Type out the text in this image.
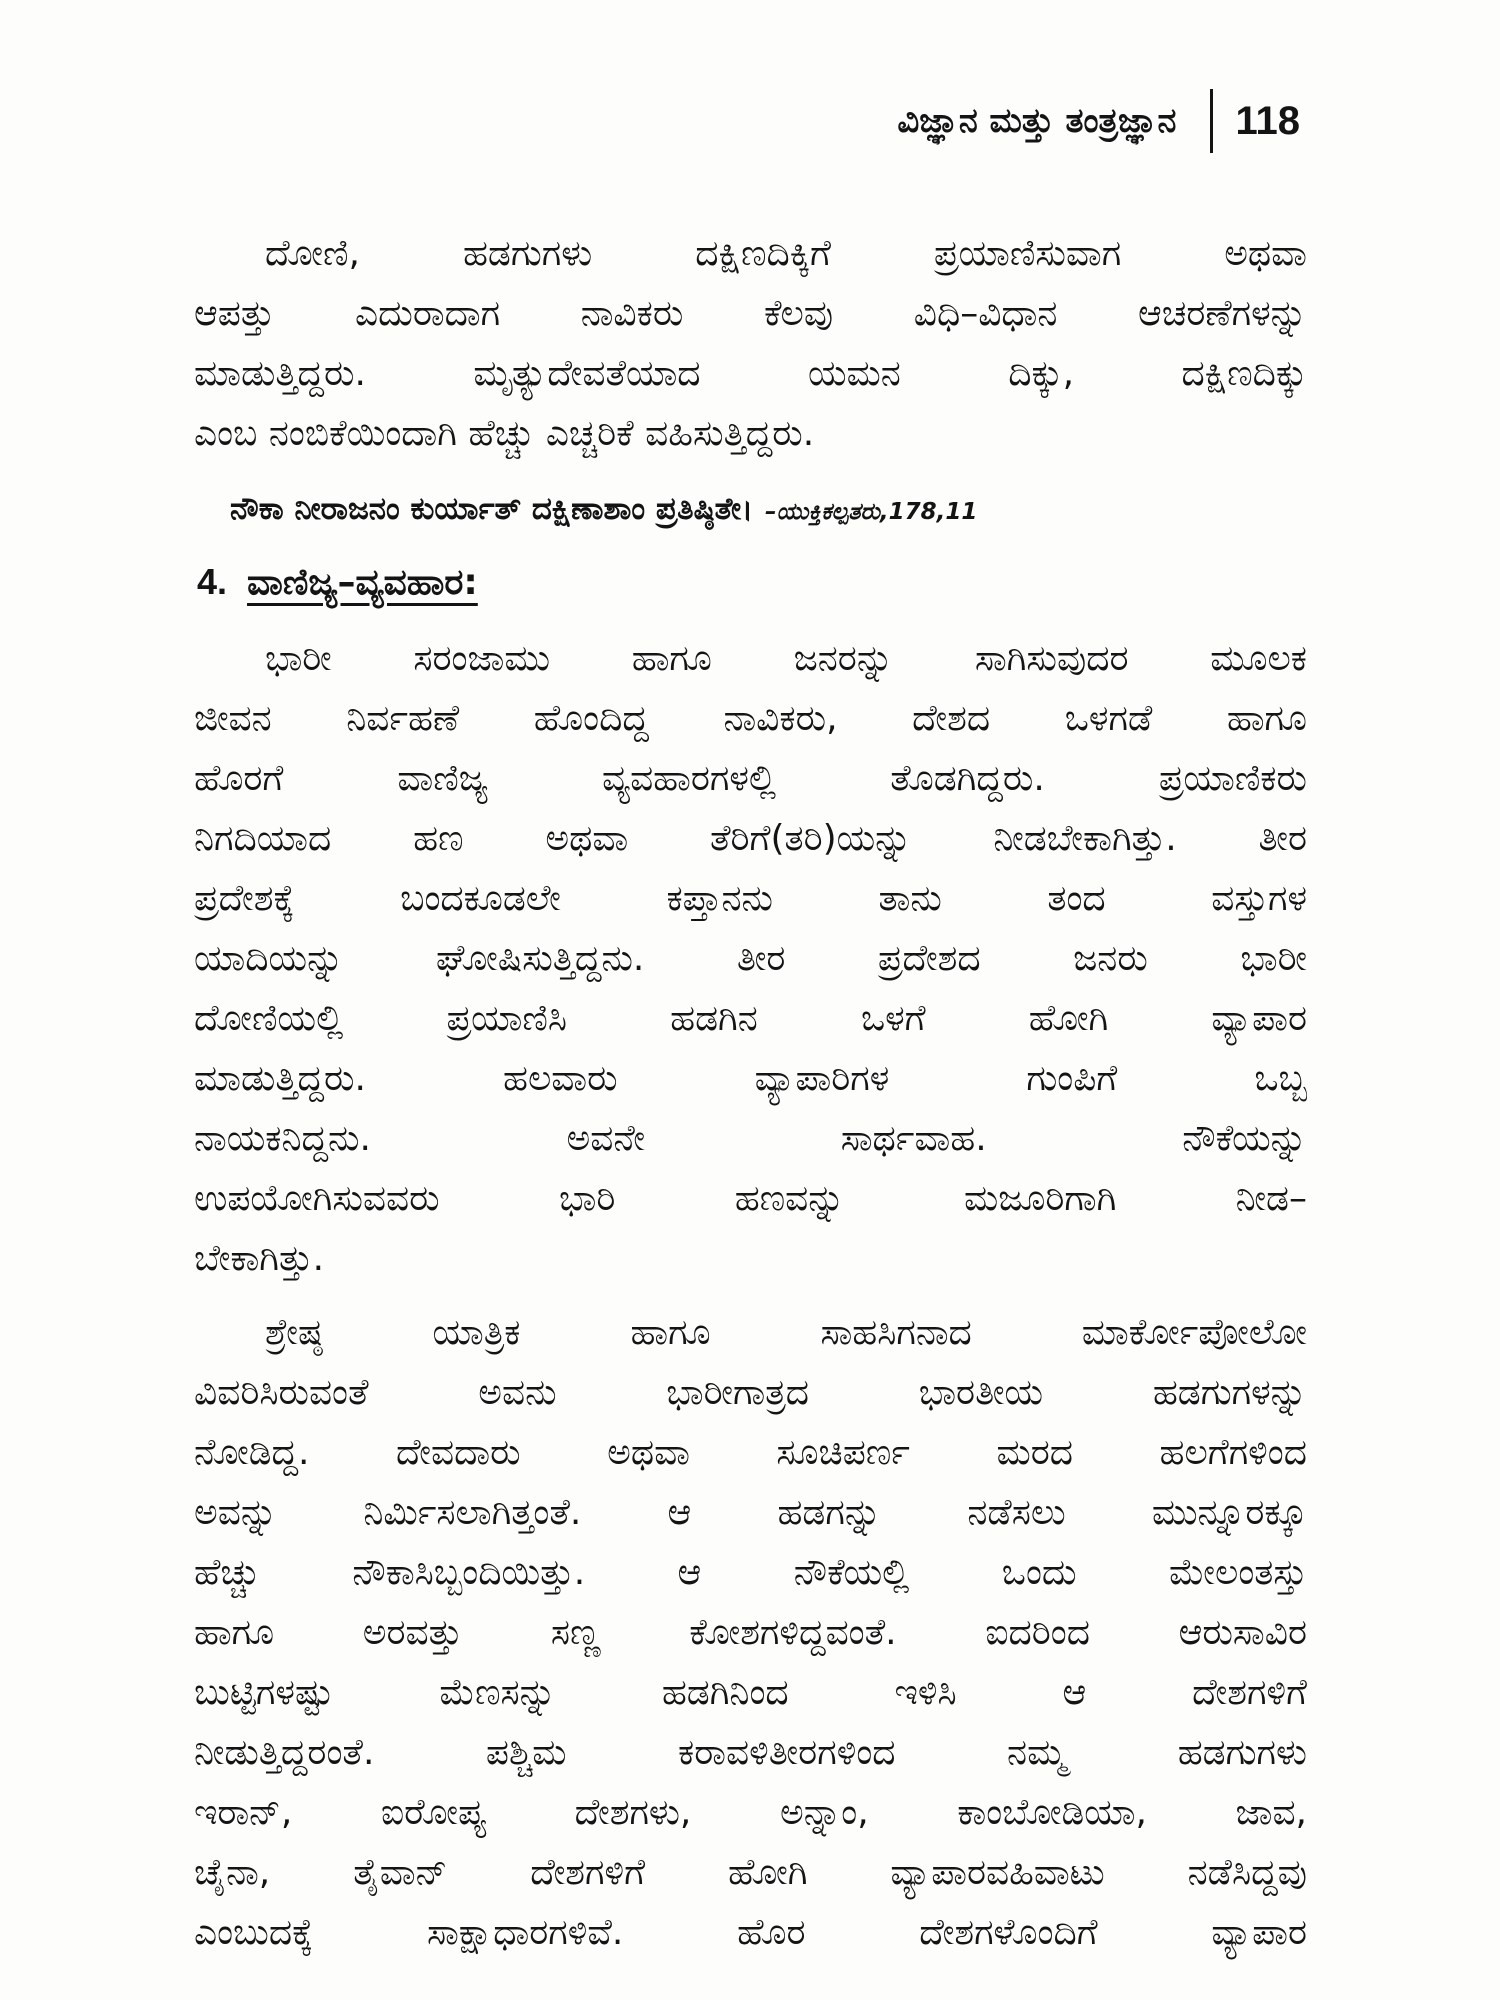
ವಿಜ್ಞಾನ ಮತ್ತು ತಂತ್ರಜ್ಞಾನ 118
ದೋಣಿ, ಹಡಗುಗಳು ದಕ್ಷಿಣದಿಕ್ಕಿಗೆ ಪ್ರಯಾಣಿಸುವಾಗ ಅಥವಾ
ಆಪತ್ತು ಎದುರಾದಾಗ ನಾವಿಕರು ಕೆಲವು ವಿಧಿ–ವಿಧಾನ ಆಚರಣೆಗಳನ್ನು
ಮಾಡುತ್ತಿದ್ದರು. ಮೃತ್ಯುದೇವತೆಯಾದ ಯಮನ ದಿಕ್ಕು, ದಕ್ಷಿಣದಿಕ್ಕು
ಎಂಬ ನಂಬಿಕೆಯಿಂದಾಗಿ ಹೆಚ್ಚು ಎಚ್ಚರಿಕೆ ವಹಿಸುತ್ತಿದ್ದರು.
ನೌಕಾ ನೀರಾಜನಂ ಕುರ್ಯಾತ್ ದಕ್ಷಿಣಾಶಾಂ ಪ್ರತಿಷ್ಠಿತೇ। –ಯುಕ್ತಿಕಲ್ಪತರು,178,11
4. ವಾಣಿಜ್ಯ–ವ್ಯವಹಾರ:
ಭಾರೀ ಸರಂಜಾಮು ಹಾಗೂ ಜನರನ್ನು ಸಾಗಿಸುವುದರ ಮೂಲಕ
ಜೀವನ ನಿರ್ವಹಣೆ ಹೊಂದಿದ್ದ ನಾವಿಕರು, ದೇಶದ ಒಳಗಡೆ ಹಾಗೂ
ಹೊರಗೆ ವಾಣಿಜ್ಯ ವ್ಯವಹಾರಗಳಲ್ಲಿ ತೊಡಗಿದ್ದರು. ಪ್ರಯಾಣಿಕರು
ನಿಗದಿಯಾದ ಹಣ ಅಥವಾ ತೆರಿಗೆ(ತರಿ)ಯನ್ನು ನೀಡಬೇಕಾಗಿತ್ತು. ತೀರ
ಪ್ರದೇಶಕ್ಕೆ ಬಂದಕೂಡಲೇ ಕಪ್ತಾನನು ತಾನು ತಂದ ವಸ್ತುಗಳ
ಯಾದಿಯನ್ನು ಘೋಷಿಸುತ್ತಿದ್ದನು. ತೀರ ಪ್ರದೇಶದ ಜನರು ಭಾರೀ
ದೋಣಿಯಲ್ಲಿ ಪ್ರಯಾಣಿಸಿ ಹಡಗಿನ ಒಳಗೆ ಹೋಗಿ ವ್ಯಾಪಾರ
ಮಾಡುತ್ತಿದ್ದರು. ಹಲವಾರು ವ್ಯಾಪಾರಿಗಳ ಗುಂಪಿಗೆ ಒಬ್ಬ
ನಾಯಕನಿದ್ದನು. ಅವನೇ ಸಾರ್ಥವಾಹ. ನೌಕೆಯನ್ನು
ಉಪಯೋಗಿಸುವವರು ಭಾರಿ ಹಣವನ್ನು ಮಜೂರಿಗಾಗಿ ನೀಡ–
ಬೇಕಾಗಿತ್ತು.
ಶ್ರೇಷ್ಠ ಯಾತ್ರಿಕ ಹಾಗೂ ಸಾಹಸಿಗನಾದ ಮಾರ್ಕೋಪೋಲೋ
ವಿವರಿಸಿರುವಂತೆ ಅವನು ಭಾರೀಗಾತ್ರದ ಭಾರತೀಯ ಹಡಗುಗಳನ್ನು
ನೋಡಿದ್ದ. ದೇವದಾರು ಅಥವಾ ಸೂಚಿಪರ್ಣ ಮರದ ಹಲಗೆಗಳಿಂದ
ಅವನ್ನು ನಿರ್ಮಿಸಲಾಗಿತ್ತಂತೆ. ಆ ಹಡಗನ್ನು ನಡೆಸಲು ಮುನ್ನೂರಕ್ಕೂ
ಹೆಚ್ಚು ನೌಕಾಸಿಬ್ಬಂದಿಯಿತ್ತು. ಆ ನೌಕೆಯಲ್ಲಿ ಒಂದು ಮೇಲಂತಸ್ತು
ಹಾಗೂ ಅರವತ್ತು ಸಣ್ಣ ಕೋಶಗಳಿದ್ದವಂತೆ. ಐದರಿಂದ ಆರುಸಾವಿರ
ಬುಟ್ಟಿಗಳಷ್ಟು ಮೆಣಸನ್ನು ಹಡಗಿನಿಂದ ಇಳಿಸಿ ಆ ದೇಶಗಳಿಗೆ
ನೀಡುತ್ತಿದ್ದರಂತೆ. ಪಶ್ಚಿಮ ಕರಾವಳಿತೀರಗಳಿಂದ ನಮ್ಮ ಹಡಗುಗಳು
ಇರಾನ್, ಐರೋಪ್ಯ ದೇಶಗಳು, ಅನ್ನಾಂ, ಕಾಂಬೋಡಿಯಾ, ಜಾವ,
ಚೈನಾ, ತೈವಾನ್ ದೇಶಗಳಿಗೆ ಹೋಗಿ ವ್ಯಾಪಾರವಹಿವಾಟು ನಡೆಸಿದ್ದವು
ಎಂಬುದಕ್ಕೆ ಸಾಕ್ಷಾಧಾರಗಳಿವೆ. ಹೊರ ದೇಶಗಳೊಂದಿಗೆ ವ್ಯಾಪಾರ
